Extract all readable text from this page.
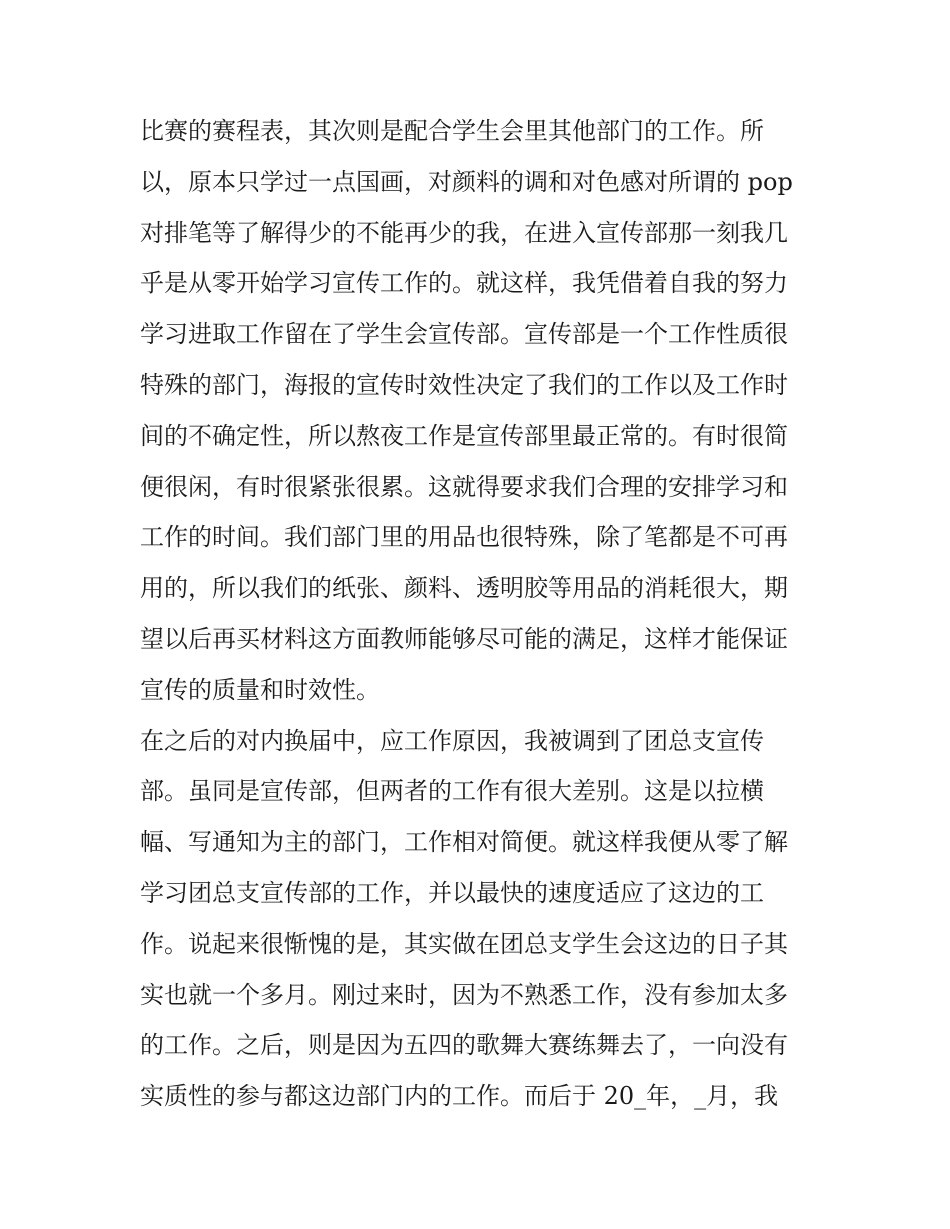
比赛的赛程表，其次则是配合学生会里其他部门的工作。所
以，原本只学过一点国画，对颜料的调和对色感对所谓的 pop
对排笔等了解得少的不能再少的我，在进入宣传部那一刻我几
乎是从零开始学习宣传工作的。就这样，我凭借着自我的努力
学习进取工作留在了学生会宣传部。宣传部是一个工作性质很
特殊的部门，海报的宣传时效性决定了我们的工作以及工作时
间的不确定性，所以熬夜工作是宣传部里最正常的。有时很简
便很闲，有时很紧张很累。这就得要求我们合理的安排学习和
工作的时间。我们部门里的用品也很特殊，除了笔都是不可再
用的，所以我们的纸张、颜料、透明胶等用品的消耗很大，期
望以后再买材料这方面教师能够尽可能的满足，这样才能保证
宣传的质量和时效性。
在之后的对内换届中，应工作原因，我被调到了团总支宣传
部。虽同是宣传部，但两者的工作有很大差别。这是以拉横
幅、写通知为主的部门，工作相对简便。就这样我便从零了解
学习团总支宣传部的工作，并以最快的速度适应了这边的工
作。说起来很惭愧的是，其实做在团总支学生会这边的日子其
实也就一个多月。刚过来时，因为不熟悉工作，没有参加太多
的工作。之后，则是因为五四的歌舞大赛练舞去了，一向没有
实质性的参与都这边部门内的工作。而后于 20_年，_月，我
